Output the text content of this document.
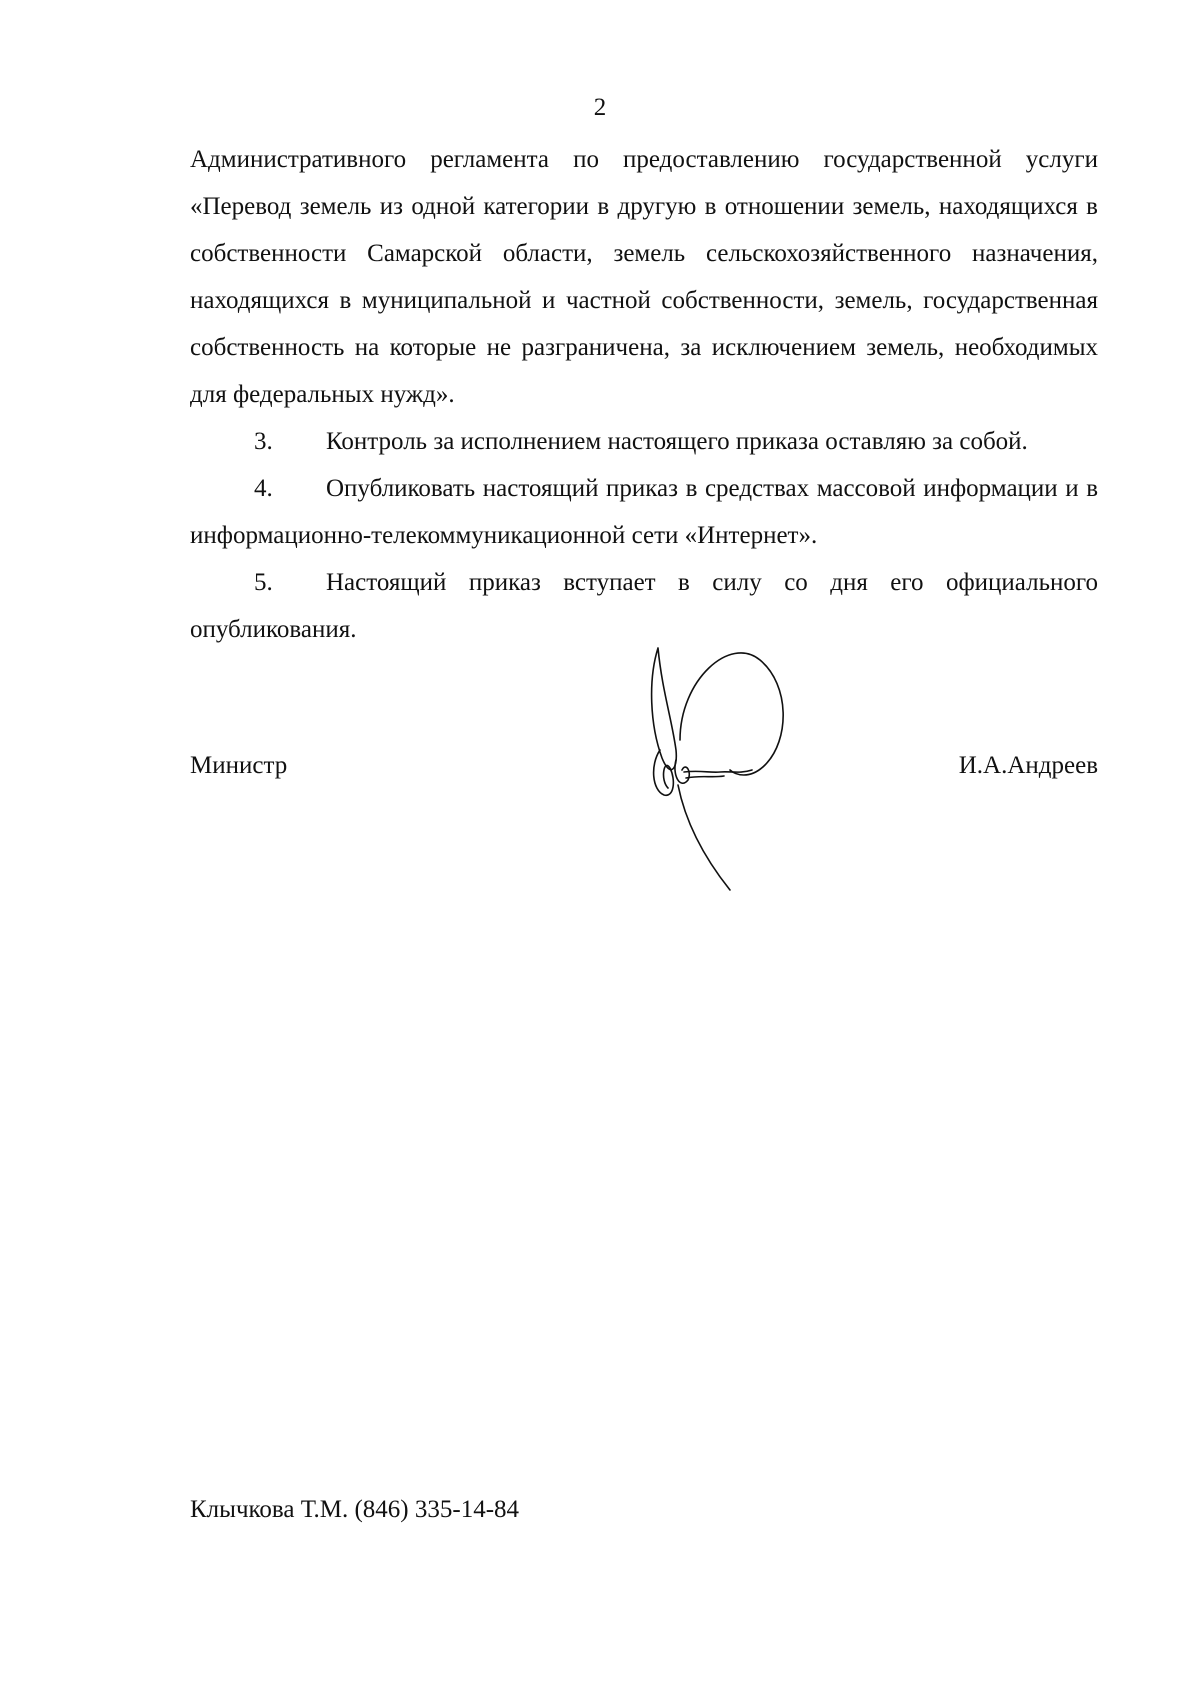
2

Административного регламента по предоставлению государственной услуги «Перевод земель из одной категории в другую в отношении земель, находящихся в собственности Самарской области, земель сельскохозяйственного назначения, находящихся в муниципальной и частной собственности, земель, государственная собственность на которые не разграничена, за исключением земель, необходимых для федеральных нужд».

3. Контроль за исполнением настоящего приказа оставляю за собой.

4. Опубликовать настоящий приказ в средствах массовой информации и в информационно-телекоммуникационной сети «Интернет».

5. Настоящий приказ вступает в силу со дня его официального опубликования.

Министр	И.А.Андреев
Клычкова Т.М. (846) 335-14-84
